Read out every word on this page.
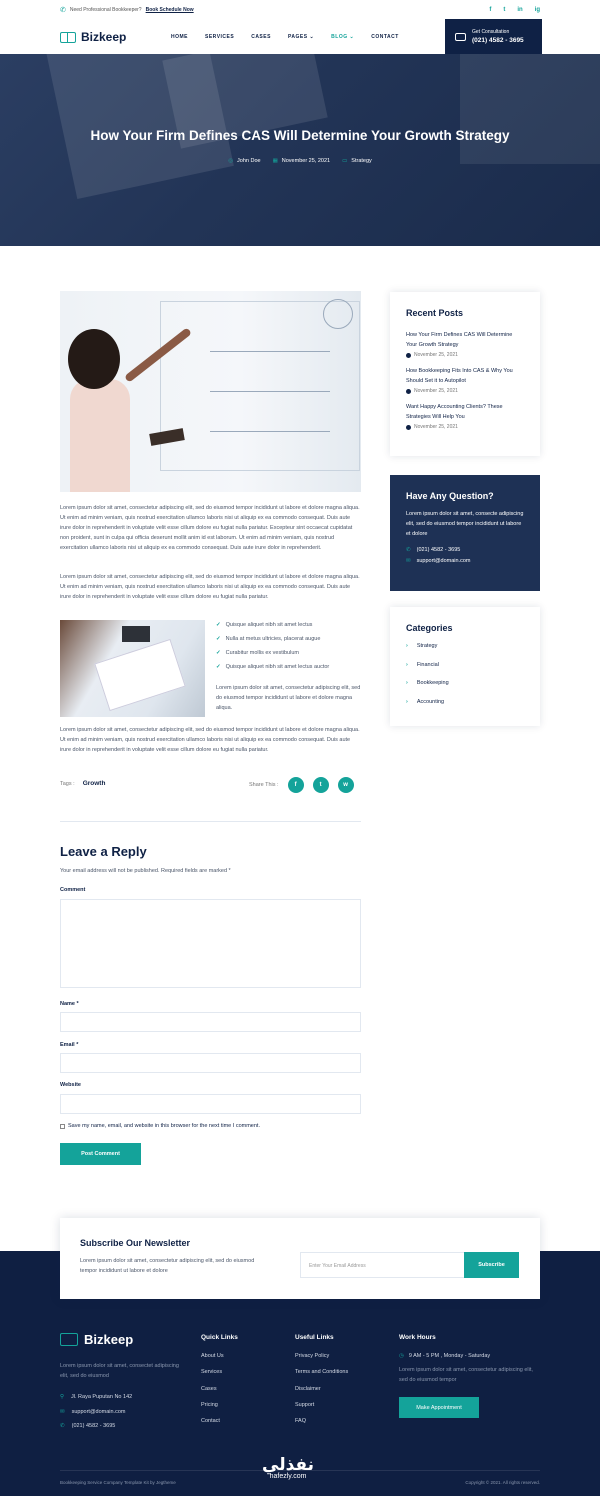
✆ Need Professional Bookkeeper? Book Schedule Now	f t in ig
Bizkeep	HOME	SERVICES	CASES	PAGES ⌄	BLOG ⌄	CONTACT
Get Consultation
(021) 4582 - 3695
How Your Firm Defines CAS Will Determine Your Growth Strategy
◎ John Doe ▦ November 25, 2021 ▭ Strategy

Lorem ipsum dolor sit amet, consectetur adipiscing elit, sed do eiusmod tempor incididunt ut labore et dolore magna aliqua. Ut enim ad minim veniam, quis nostrud exercitation ullamco laboris nisi ut aliquip ex ea commodo consequat. Duis aute irure dolor in reprehenderit in voluptate velit esse cillum dolore eu fugiat nulla pariatur. Excepteur sint occaecat cupidatat non proident, sunt in culpa qui officia deserunt mollit anim id est laborum. Ut enim ad minim veniam, quis nostrud exercitation ullamco laboris nisi ut aliquip ex ea commodo consequat. Duis aute irure dolor in reprehenderit.

Lorem ipsum dolor sit amet, consectetur adipiscing elit, sed do eiusmod tempor incididunt ut labore et dolore magna aliqua. Ut enim ad minim veniam, quis nostrud exercitation ullamco laboris nisi ut aliquip ex ea commodo consequat. Duis aute irure dolor in reprehenderit in voluptate velit esse cillum dolore eu fugiat nulla pariatur.

✓ Quisque aliquet nibh sit amet lectus
✓ Nulla at metus ultricies, placerat augue
✓ Curabitur mollis ex vestibulum
✓ Quisque aliquet nibh sit amet lectus auctor

Lorem ipsum dolor sit amet, consectetur adipiscing elit, sed do eiusmod tempor incididunt ut labore et dolore magna aliqua.

Lorem ipsum dolor sit amet, consectetur adipiscing elit, sed do eiusmod tempor incididunt ut labore et dolore magna aliqua. Ut enim ad minim veniam, quis nostrud exercitation ullamco laboris nisi ut aliquip ex ea commodo consequat. Duis aute irure dolor in reprehenderit in voluptate velit esse cillum dolore eu fugiat nulla pariatur.

Tags : Growth	Share This :	f	t	w
Leave a Reply
Your email address will not be published. Required fields are marked *
Comment
Name *
Email *
Website
Save my name, email, and website in this browser for the next time I comment.
Post Comment
Recent Posts
How Your Firm Defines CAS Will Determine Your Growth Strategy
November 25, 2021
How Bookkeeping Fits Into CAS & Why You Should Set it to Autopilot
November 25, 2021
Want Happy Accounting Clients? These Strategies Will Help You
November 25, 2021
Have Any Question?
Lorem ipsum dolor sit amet, consecte adipiscing elit, sed do eiusmod tempor incididunt ut labore et dolore
✆ (021) 4582 - 3695
✉ support@domain.com
Categories
› Strategy
› Financial
› Bookkeeping
› Accounting
Subscribe Our Newsletter

Lorem ipsum dolor sit amet, consectetur adipiscing elit, sed do eiusmod tempor incididunt ut labore et dolore

Enter Your Email Address	Subscribe
Bizkeep

Lorem ipsum dolor sit amet, consectet adipiscing elit, sed do eiusmod

⚲ Jl. Raya Puputan No 142
✉ support@domain.com
✆ (021) 4582 - 3695
Quick Links
About Us
Services
Cases
Pricing
Contact
Useful Links
Privacy Policy
Terms and Conditions
Disclaimer
Support
FAQ
Work Hours
◷ 9 AM - 5 PM , Monday - Saturday
Lorem ipsum dolor sit amet, consectetur adipiscing elit, sed do eiusmod tempor
Make Appointment
Bookkeeping Service Company Template Kit by Jegtheme	Copyright © 2021. All rights reserved.
نفذلي
nafezly.com
